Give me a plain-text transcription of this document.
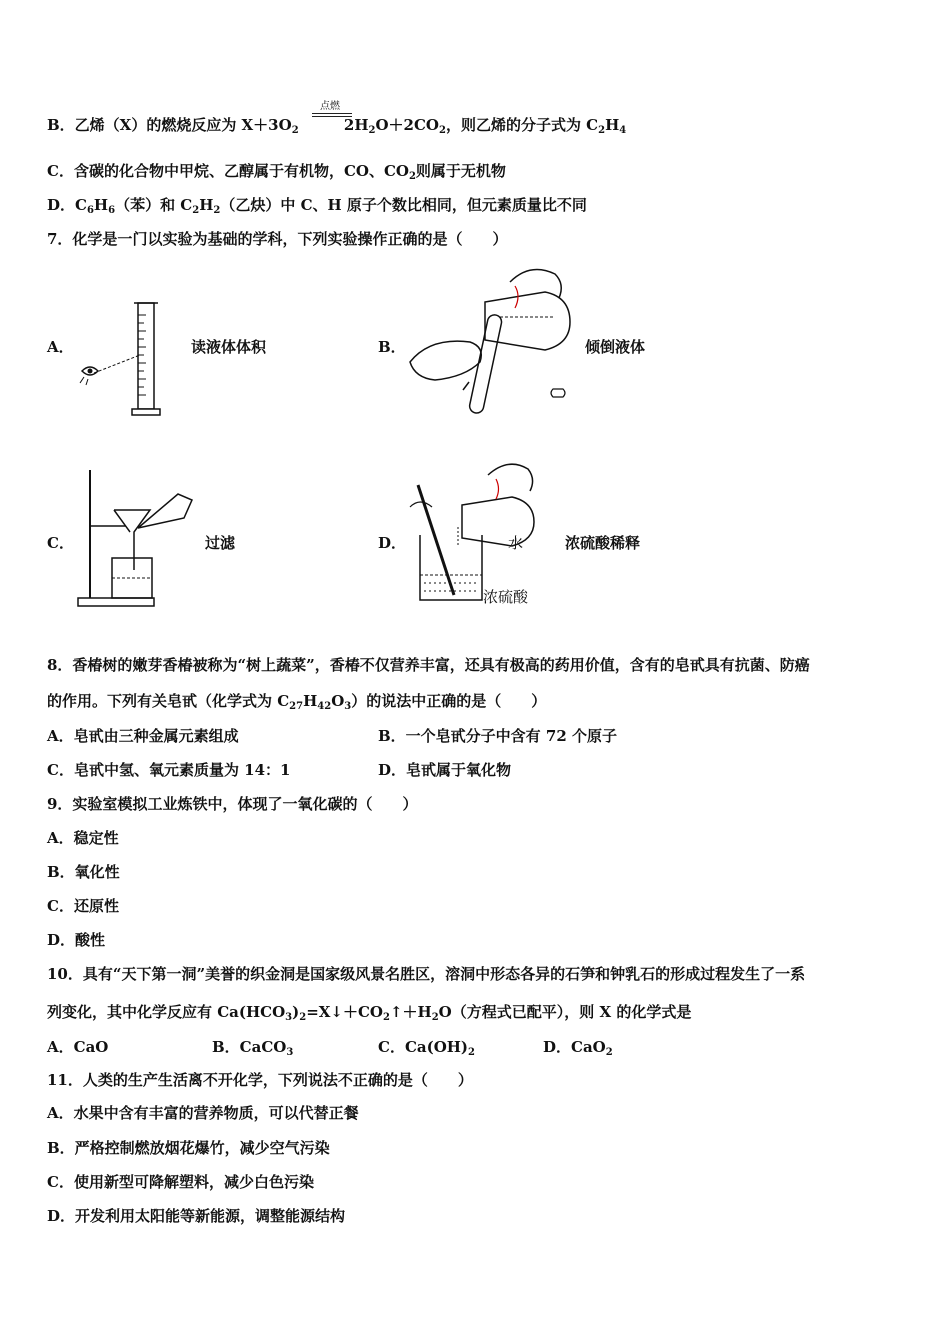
B．乙烯（X）的燃烧反应为 $X+3O_2$	$2H_2O+2CO_2$，则乙烯的分子式为 $C_2H_4$
点燃
C．含碳的化合物中甲烷、乙醇属于有机物，CO、$CO_2$则属于无机物
D．$C_6H_6$（苯）和 $C_2H_2$（乙炔）中 C、H 原子个数比相同，但元素质量比不同
7．化学是一门以实验为基础的学科，下列实验操作正确的是（　　）
A．	读液体体积	B．	倾倒液体
C．	过滤	D．	浓硫酸稀释
水
浓硫酸
8．香椿树的嫩芽香椿被称为“树上蔬菜”，香椿不仅营养丰富，还具有极高的药用价值，含有的皂甙具有抗菌、防癌
的作用。下列有关皂甙（化学式为 $C_{27}H_{42}O_3$）的说法中正确的是（　　）
A．皂甙由三种金属元素组成	B．一个皂甙分子中含有 72 个原子
C．皂甙中氢、氧元素质量为 14：1	D．皂甙属于氧化物
9．实验室模拟工业炼铁中，体现了一氧化碳的（　　）
A．稳定性
B．氧化性
C．还原性
D．酸性
10．具有“天下第一洞”美誉的织金洞是国家级风景名胜区，溶洞中形态各异的石笋和钟乳石的形成过程发生了一系
列变化，其中化学反应有 $Ca(HCO_3)_2=X↓+CO_2↑+H_2O$（方程式已配平），则 X 的化学式是
A．CaO	B．CaCO$_3$	C．$Ca(OH)_2$	D．CaO$_2$
11．人类的生产生活离不开化学，下列说法不正确的是（　　）
A．水果中含有丰富的营养物质，可以代替正餐
B．严格控制燃放烟花爆竹，减少空气污染
C．使用新型可降解塑料，减少白色污染
D．开发利用太阳能等新能源，调整能源结构
